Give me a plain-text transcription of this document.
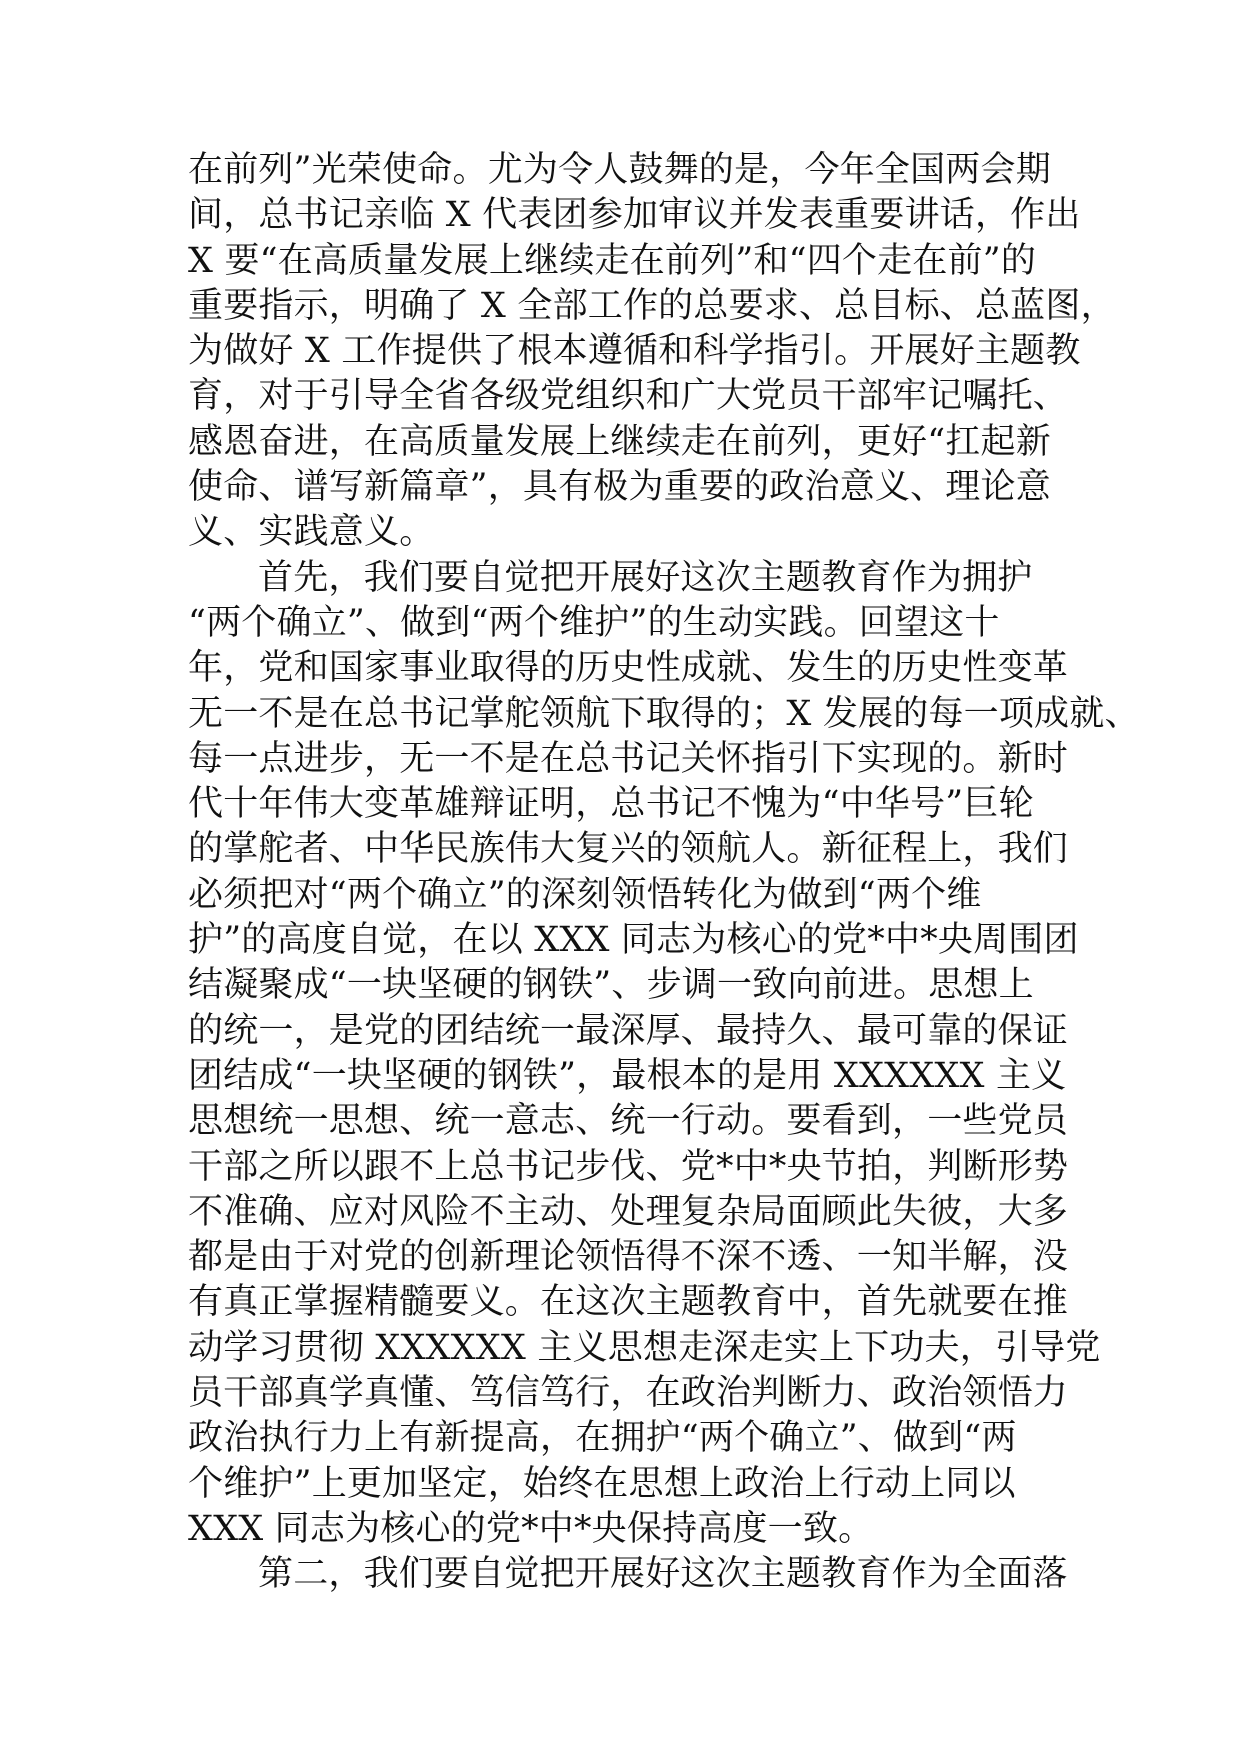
在前列”光荣使命。尤为令人鼓舞的是，今年全国两会期
间，总书记亲临 X 代表团参加审议并发表重要讲话，作出
X 要“在高质量发展上继续走在前列”和“四个走在前”的
重要指示，明确了 X 全部工作的总要求、总目标、总蓝图，
为做好 X 工作提供了根本遵循和科学指引。开展好主题教
育，对于引导全省各级党组织和广大党员干部牢记嘱托、
感恩奋进，在高质量发展上继续走在前列，更好“扛起新
使命、谱写新篇章”，具有极为重要的政治意义、理论意
义、实践意义。
首先，我们要自觉把开展好这次主题教育作为拥护
“两个确立”、做到“两个维护”的生动实践。回望这十
年，党和国家事业取得的历史性成就、发生的历史性变革
无一不是在总书记掌舵领航下取得的；X 发展的每一项成就、
每一点进步，无一不是在总书记关怀指引下实现的。新时
代十年伟大变革雄辩证明，总书记不愧为“中华号”巨轮
的掌舵者、中华民族伟大复兴的领航人。新征程上，我们
必须把对“两个确立”的深刻领悟转化为做到“两个维
护”的高度自觉，在以 XXX 同志为核心的党*中*央周围团
结凝聚成“一块坚硬的钢铁”、步调一致向前进。思想上
的统一，是党的团结统一最深厚、最持久、最可靠的保证
团结成“一块坚硬的钢铁”，最根本的是用 XXXXXX 主义
思想统一思想、统一意志、统一行动。要看到，一些党员
干部之所以跟不上总书记步伐、党*中*央节拍，判断形势
不准确、应对风险不主动、处理复杂局面顾此失彼，大多
都是由于对党的创新理论领悟得不深不透、一知半解，没
有真正掌握精髓要义。在这次主题教育中，首先就要在推
动学习贯彻 XXXXXX 主义思想走深走实上下功夫，引导党
员干部真学真懂、笃信笃行，在政治判断力、政治领悟力
政治执行力上有新提高，在拥护“两个确立”、做到“两
个维护”上更加坚定，始终在思想上政治上行动上同以
XXX 同志为核心的党*中*央保持高度一致。
第二，我们要自觉把开展好这次主题教育作为全面落
